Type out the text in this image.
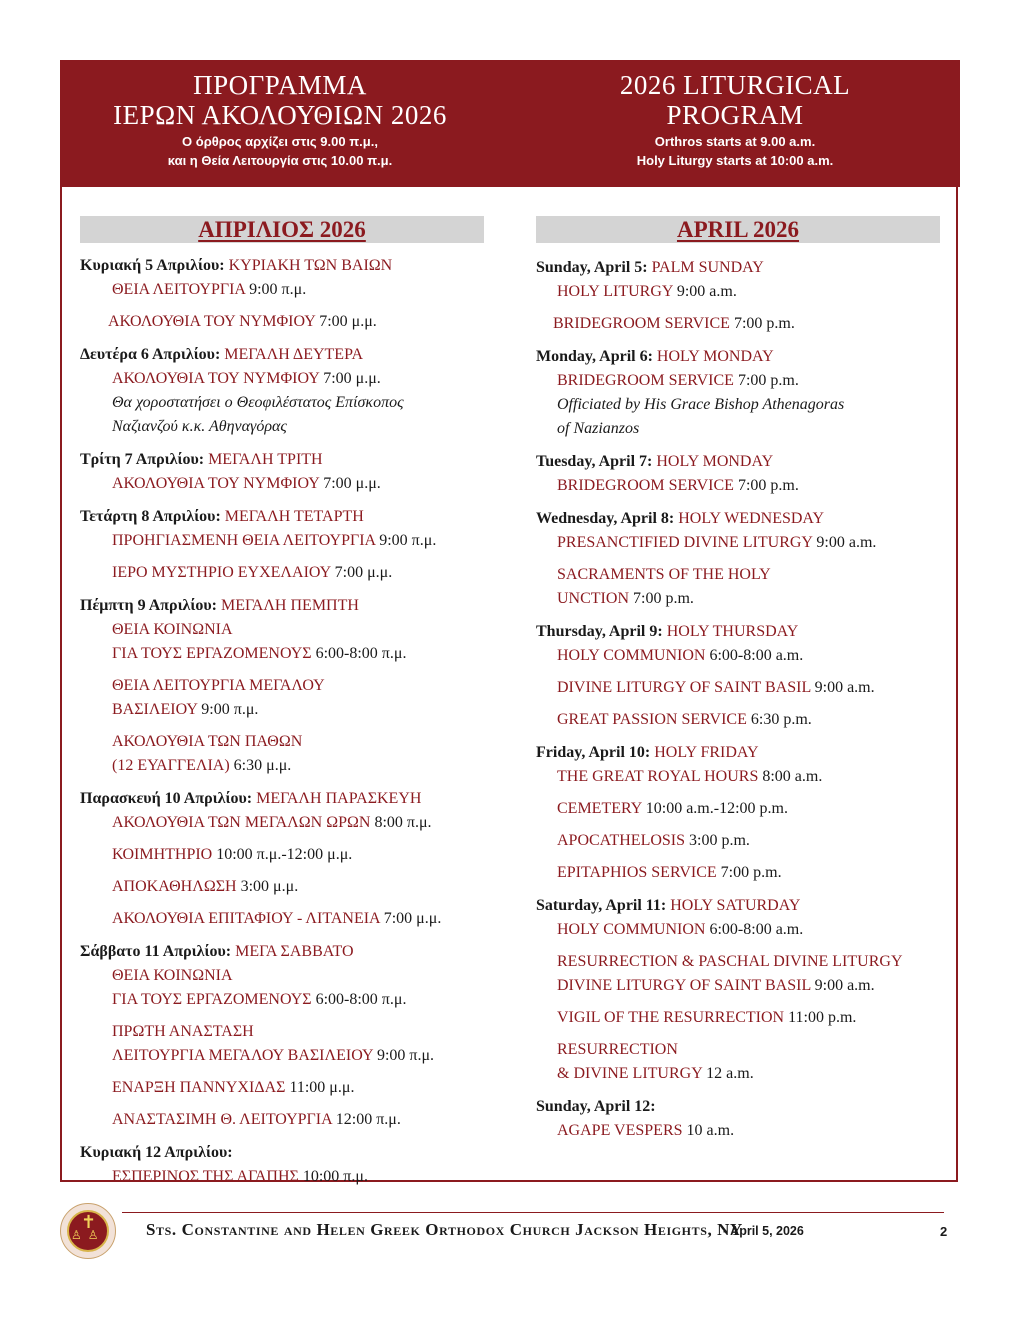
ΠΡΟΓΡΑΜΜΑ
ΙΕΡΩΝ ΑΚΟΛΟΥΘΙΩΝ 2026
Ο όρθρος αρχίζει στις 9.00 π.μ.,
και η Θεία Λειτουργία στις 10.00 π.μ.
2026 LITURGICAL
PROGRAM
Orthros starts at 9.00 a.m.
Holy Liturgy starts at 10:00 a.m.
ΑΠΡΙΛΙΟΣ 2026	APRIL 2026
Κυριακή 5 Απριλίου: ΚΥΡΙΑΚΗ ΤΩΝ ΒΑΙΩΝ
ΘΕΙΑ ΛΕΙΤΟΥΡΓΙΑ 9:00 π.μ.
ΑΚΟΛΟΥΘΙΑ ΤΟΥ ΝΥΜΦΙΟΥ 7:00 μ.μ.
Δευτέρα 6 Απριλίου: ΜΕΓΑΛΗ ΔΕΥΤΕΡΑ
ΑΚΟΛΟΥΘΙΑ ΤΟΥ ΝΥΜΦΙΟΥ 7:00 μ.μ.
Θα χοροστατήσει ο Θεοφιλέστατος Επίσκοπος
Ναζιανζού κ.κ. Αθηναγόρας
Τρίτη 7 Απριλίου: ΜΕΓΑΛΗ ΤΡΙΤΗ
ΑΚΟΛΟΥΘΙΑ ΤΟΥ ΝΥΜΦΙΟΥ 7:00 μ.μ.
Τετάρτη 8 Απριλίου: ΜΕΓΑΛΗ ΤΕΤΑΡΤΗ
ΠΡΟΗΓΙΑΣΜΕΝΗ ΘΕΙΑ ΛΕΙΤΟΥΡΓΙΑ 9:00 π.μ.
ΙΕΡΟ ΜΥΣΤΗΡΙΟ ΕΥΧΕΛΑΙΟΥ 7:00 μ.μ.
Πέμπτη 9 Απριλίου: ΜΕΓΑΛΗ ΠΕΜΠΤΗ
ΘΕΙΑ ΚΟΙΝΩΝΙΑ
ΓΙΑ ΤΟΥΣ ΕΡΓΑΖΟΜΕΝΟΥΣ 6:00-8:00 π.μ.
ΘΕΙΑ ΛΕΙΤΟΥΡΓΙΑ ΜΕΓΑΛΟΥ
ΒΑΣΙΛΕΙΟΥ 9:00 π.μ.
ΑΚΟΛΟΥΘΙΑ ΤΩΝ ΠΑΘΩΝ
(12 ΕΥΑΓΓΕΛΙΑ) 6:30 μ.μ.
Παρασκευή 10 Απριλίου: ΜΕΓΑΛΗ ΠΑΡΑΣΚΕΥΗ
ΑΚΟΛΟΥΘΙΑ ΤΩΝ ΜΕΓΑΛΩΝ ΩΡΩΝ 8:00 π.μ.
ΚΟΙΜΗΤΗΡΙΟ 10:00 π.μ.-12:00 μ.μ.
ΑΠΟΚΑΘΗΛΩΣΗ 3:00 μ.μ.
ΑΚΟΛΟΥΘΙΑ ΕΠΙΤΑΦΙΟΥ - ΛΙΤΑΝΕΙΑ 7:00 μ.μ.
Σάββατο 11 Απριλίου: ΜΕΓΑ ΣΑΒΒΑΤΟ
ΘΕΙΑ ΚΟΙΝΩΝΙΑ
ΓΙΑ ΤΟΥΣ ΕΡΓΑΖΟΜΕΝΟΥΣ 6:00-8:00 π.μ.
ΠΡΩΤΗ ΑΝΑΣΤΑΣΗ
ΛΕΙΤΟΥΡΓΙΑ ΜΕΓΑΛΟΥ ΒΑΣΙΛΕΙΟΥ 9:00 π.μ.
ΕΝΑΡΞΗ ΠΑΝΝΥΧΙΔΑΣ 11:00 μ.μ.
ΑΝΑΣΤΑΣΙΜΗ Θ. ΛΕΙΤΟΥΡΓΙΑ 12:00 π.μ.
Κυριακή 12 Απριλίου:
ΕΣΠΕΡΙΝΟΣ ΤΗΣ ΑΓΑΠΗΣ 10:00 π.μ.
Sunday, April 5: PALM SUNDAY
HOLY LITURGY 9:00 a.m.
BRIDEGROOM SERVICE 7:00 p.m.
Monday, April 6: HOLY MONDAY
BRIDEGROOM SERVICE 7:00 p.m.
Officiated by His Grace Bishop Athenagoras
of Nazianzos
Tuesday, April 7: HOLY MONDAY
BRIDEGROOM SERVICE 7:00 p.m.
Wednesday, April 8: HOLY WEDNESDAY
PRESANCTIFIED DIVINE LITURGY 9:00 a.m.
SACRAMENTS OF THE HOLY
UNCTION 7:00 p.m.
Thursday, April 9: HOLY THURSDAY
HOLY COMMUNION 6:00-8:00 a.m.
DIVINE LITURGY OF SAINT BASIL 9:00 a.m.
GREAT PASSION SERVICE 6:30 p.m.
Friday, April 10: HOLY FRIDAY
THE GREAT ROYAL HOURS 8:00 a.m.
CEMETERY 10:00 a.m.-12:00 p.m.
APOCATHELOSIS 3:00 p.m.
EPITAPHIOS SERVICE 7:00 p.m.
Saturday, April 11: HOLY SATURDAY
HOLY COMMUNION 6:00-8:00 a.m.
RESURRECTION & PASCHAL DIVINE LITURGY
DIVINE LITURGY OF SAINT BASIL 9:00 a.m.
VIGIL OF THE RESURRECTION 11:00 p.m.
RESURRECTION
& DIVINE LITURGY 12 a.m.
Sunday, April 12:
AGAPE VESPERS 10 a.m.
✝
♙♙ Sts. Constantine and Helen Greek Orthodox Church Jackson Heights, NY
- April 5, 2026	2
